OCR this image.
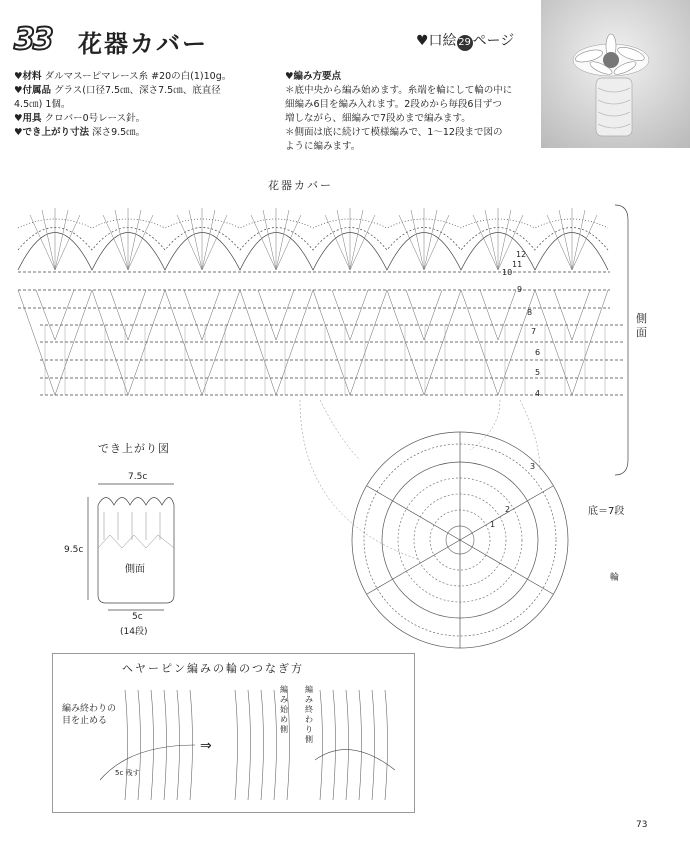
33 花器カバー	♥口絵 29 ページ
♥材料 ダルマスーピマレース糸 #20の白(1)10g。
♥付属品 グラス(口径7.5㎝、深さ7.5㎝、底直径
4.5㎝) 1個。
♥用具 クロバー0号レース針。
♥でき上がり寸法 深さ9.5㎝。
♥編み方要点
＊底中央から編み始めます。糸端を輪にして輪の中に
細編み6目を編み入れます。2段めから毎段6目ずつ
増しながら、細編みで7段めまで編みます。
＊側面は底に続けて模様編みで、1〜12段まで図の
ように編みます。
花器カバー
12
11
10
9
8
7
6
5
4
3
2
1
側面
底＝7段
輪
でき上がり図
7.5c
9.5c
側面
5c
(14段)
ヘヤーピン編みの輪のつなぎ方
編み終わりの目を止める
⇒
編み始め側
編み終わり側
5c 残す
73
